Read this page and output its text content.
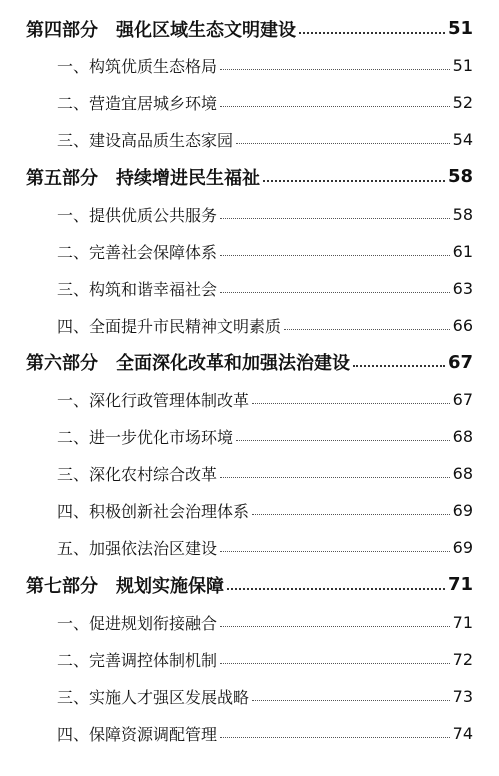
第四部分　强化区域生态文明建设	51
一、构筑优质生态格局	51
二、营造宜居城乡环境	52
三、建设高品质生态家园	54
第五部分　持续增进民生福祉	58
一、提供优质公共服务	58
二、完善社会保障体系	61
三、构筑和谐幸福社会	63
四、全面提升市民精神文明素质	66
第六部分　全面深化改革和加强法治建设	67
一、深化行政管理体制改革	67
二、进一步优化市场环境	68
三、深化农村综合改革	68
四、积极创新社会治理体系	69
五、加强依法治区建设	69
第七部分　规划实施保障	71
一、促进规划衔接融合	71
二、完善调控体制机制	72
三、实施人才强区发展战略	73
四、保障资源调配管理	74
